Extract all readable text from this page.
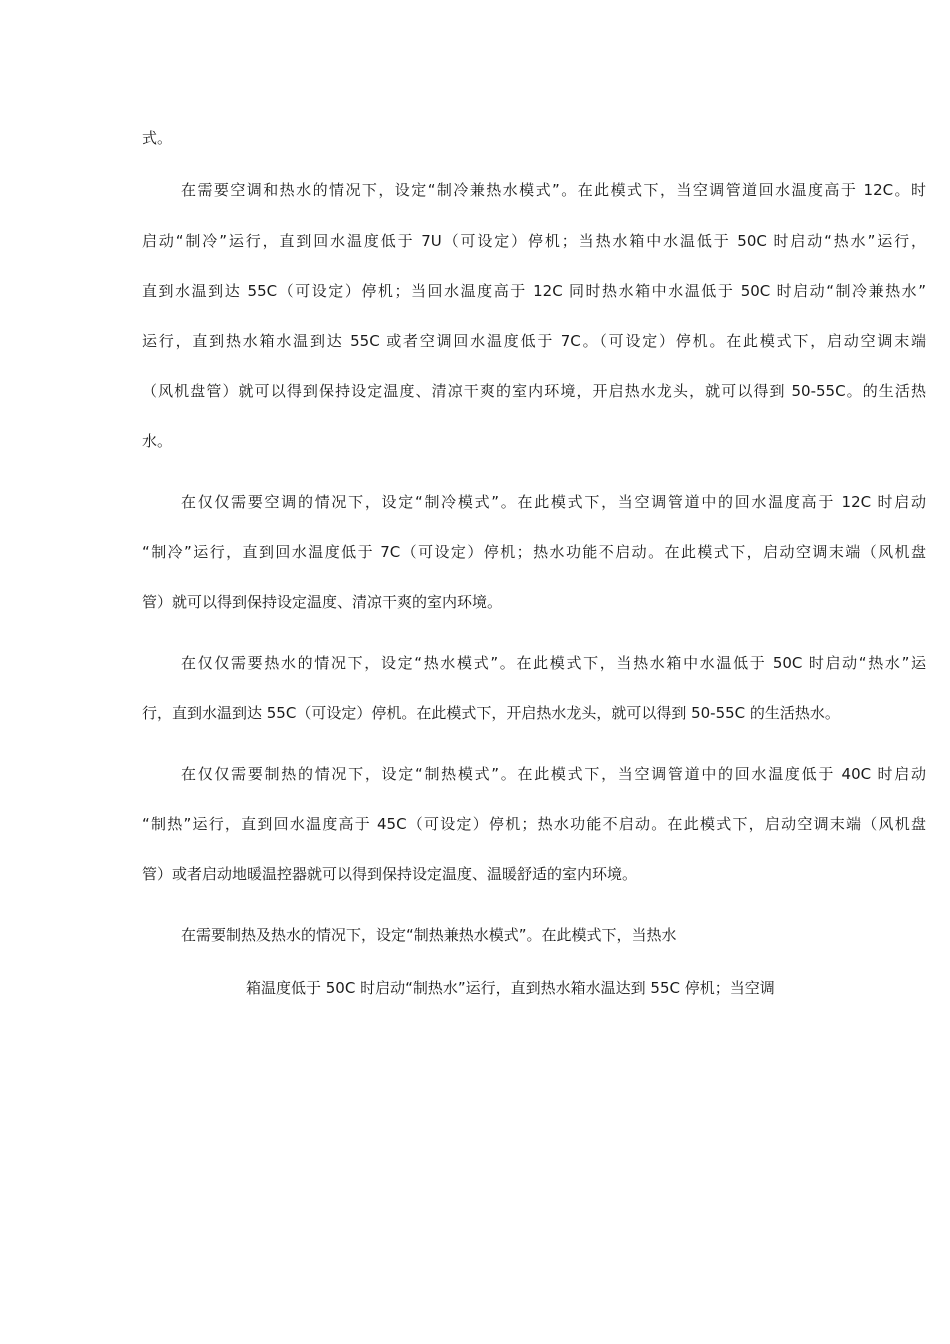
式。
在需要空调和热水的情况下，设定“制冷兼热水模式”。在此模式下，当空调管道回水温度高于 12C。时
启动“制冷”运行，直到回水温度低于 7U（可设定）停机；当热水箱中水温低于 50C 时启动“热水”运行，
直到水温到达 55C（可设定）停机；当回水温度高于 12C 同时热水箱中水温低于 50C 时启动“制冷兼热水”
运行，直到热水箱水温到达 55C 或者空调回水温度低于 7C。（可设定）停机。在此模式下，启动空调末端
（风机盘管）就可以得到保持设定温度、清凉干爽的室内环境，开启热水龙头，就可以得到 50-55C。的生活热
水。
在仅仅需要空调的情况下，设定“制冷模式”。在此模式下，当空调管道中的回水温度高于 12C 时启动
“制冷”运行，直到回水温度低于 7C（可设定）停机；热水功能不启动。在此模式下，启动空调末端（风机盘
管）就可以得到保持设定温度、清凉干爽的室内环境。
在仅仅需要热水的情况下，设定“热水模式”。在此模式下，当热水箱中水温低于 50C 时启动“热水”运
行，直到水温到达 55C（可设定）停机。在此模式下，开启热水龙头，就可以得到 50-55C 的生活热水。
在仅仅需要制热的情况下，设定“制热模式”。在此模式下，当空调管道中的回水温度低于 40C 时启动
“制热”运行，直到回水温度高于 45C（可设定）停机；热水功能不启动。在此模式下，启动空调末端（风机盘
管）或者启动地暖温控器就可以得到保持设定温度、温暖舒适的室内环境。
在需要制热及热水的情况下，设定“制热兼热水模式”。在此模式下，当热水
箱温度低于 50C 时启动“制热水”运行，直到热水箱水温达到 55C 停机；当空调
